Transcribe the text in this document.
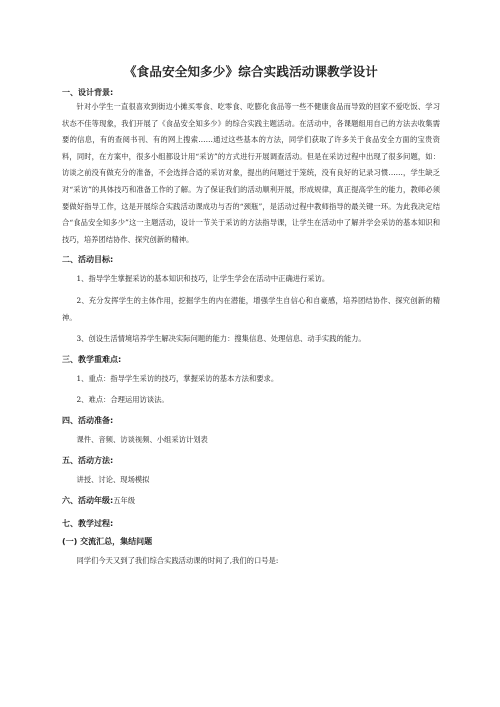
《食品安全知多少》综合实践活动课教学设计

一、设计背景:

针对小学生一直很喜欢到街边小摊买零食、吃零食、吃膨化食品等一些不健康食品而导致的回家不爱吃饭、学习状态不佳等现象，我们开展了《食品安全知多少》的综合实践主题活动。在活动中，各课题组用自己的方法去收集需要的信息，有的查阅书刊、有的网上搜索……通过这些基本的方法，同学们获取了许多关于食品安全方面的宝贵资料，同时，在方案中，很多小组都设计用“采访”的方式进行开展调查活动。但是在采访过程中出现了很多问题，如：访谈之前没有做充分的准备，不会选择合适的采访对象，提出的问题过于笼统，没有良好的记录习惯……，学生缺乏对“采访”的具体技巧和准备工作的了解。为了保证我们的活动顺利开展，形成规律，真正提高学生的能力，教师必须要做好指导工作，这是开展综合实践活动课成功与否的“颈瓶”，是活动过程中教师指导的最关键一环。为此我决定结合“食品安全知多少”这一主题活动，设计一节关于采访的方法指导课，让学生在活动中了解并学会采访的基本知识和技巧，培养团结协作、探究创新的精神。

二、活动目标:

1、指导学生掌握采访的基本知识和技巧，让学生学会在活动中正确进行采访。

2、充分发挥学生的主体作用，挖掘学生的内在潜能，增强学生自信心和自豪感，培养团结协作、探究创新的精神。

3、创设生活情境培养学生解决实际问题的能力：搜集信息、处理信息、动手实践的能力。

三、教学重难点:

1、重点：指导学生采访的技巧，掌握采访的基本方法和要求。

2、难点：合理运用访谈法。

四、活动准备:

课件、音频、访谈视频、小组采访计划表

五、活动方法:

讲授、讨论、现场模拟

六、活动年级:五年级

七、教学过程:

(一) 交流汇总，集结问题

同学们今天又到了我们综合实践活动课的时间了,我们的口号是:
